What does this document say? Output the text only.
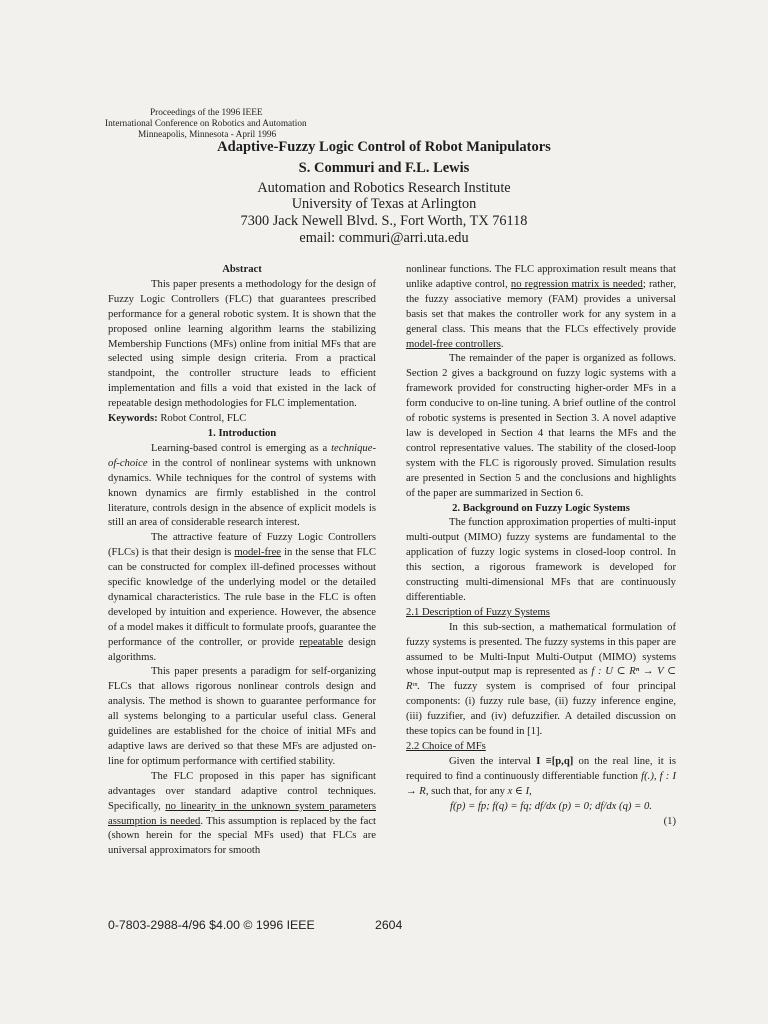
Proceedings of the 1996 IEEE
International Conference on Robotics and Automation
Minneapolis, Minnesota - April 1996
Adaptive-Fuzzy Logic Control of Robot Manipulators
S. Commuri and F.L. Lewis
Automation and Robotics Research Institute
University of Texas at Arlington
7300 Jack Newell Blvd. S., Fort Worth, TX 76118
email: commuri@arri.uta.edu

Abstract

This paper presents a methodology for the design of Fuzzy Logic Controllers (FLC) that guarantees prescribed performance for a general robotic system. It is shown that the proposed online learning algorithm learns the stabilizing Membership Functions (MFs) online from initial MFs that are selected using simple design criteria. From a practical standpoint, the controller structure leads to efficient implementation and fills a void that existed in the lack of repeatable design methodologies for FLC implementation.

Keywords: Robot Control, FLC

1. Introduction

Learning-based control is emerging as a technique-of-choice in the control of nonlinear systems with unknown dynamics. While techniques for the control of systems with known dynamics are firmly established in the control literature, controls design in the absence of explicit models is still an area of considerable research interest.

The attractive feature of Fuzzy Logic Controllers (FLCs) is that their design is model-free in the sense that FLC can be constructed for complex ill-defined processes without specific knowledge of the underlying model or the detailed dynamical characteristics. The rule base in the FLC is often developed by intuition and experience. However, the absence of a model makes it difficult to formulate proofs, guarantee the performance of the controller, or provide repeatable design algorithms.

This paper presents a paradigm for self-organizing FLCs that allows rigorous nonlinear controls design and analysis. The method is shown to guarantee performance for all systems belonging to a particular useful class. General guidelines are established for the choice of initial MFs and adaptive laws are derived so that these MFs are adjusted on-line for optimum performance with certified stability.

The FLC proposed in this paper has significant advantages over standard adaptive control techniques. Specifically, no linearity in the unknown system parameters assumption is needed. This assumption is replaced by the fact (shown herein for the special MFs used) that FLCs are universal approximators for smooth

nonlinear functions. The FLC approximation result means that unlike adaptive control, no regression matrix is needed; rather, the fuzzy associative memory (FAM) provides a universal basis set that makes the controller work for any system in a general class. This means that the FLCs effectively provide model-free controllers.

The remainder of the paper is organized as follows. Section 2 gives a background on fuzzy logic systems with a framework provided for constructing higher-order MFs in a form conducive to on-line tuning. A brief outline of the control of robotic systems is presented in Section 3. A novel adaptive law is developed in Section 4 that learns the MFs and the control representative values. The stability of the closed-loop system with the FLC is rigorously proved. Simulation results are presented in Section 5 and the conclusions and highlights of the paper are summarized in Section 6.

2. Background on Fuzzy Logic Systems

The function approximation properties of multi-input multi-output (MIMO) fuzzy systems are fundamental to the application of fuzzy logic systems in closed-loop control. In this section, a rigorous framework is developed for constructing multi-dimensional MFs that are continuously differentiable.

2.1 Description of Fuzzy Systems

In this sub-section, a mathematical formulation of fuzzy systems is presented. The fuzzy systems in this paper are assumed to be Multi-Input Multi-Output (MIMO) systems whose input-output map is represented as f : U ⊂ Rⁿ → V ⊂ Rᵐ. The fuzzy system is comprised of four principal components: (i) fuzzy rule base, (ii) fuzzy inference engine, (iii) fuzzifier, and (iv) defuzzifier. A detailed discussion on these topics can be found in [1].

2.2 Choice of MFs

Given the interval I ≡[p,q] on the real line, it is required to find a continuously differentiable function f(.), f : I → R, such that, for any x ∈ I,

f(p) = fp; f(q) = fq; df/dx (p) = 0; df/dx (q) = 0.

(1)

0-7803-2988-4/96 $4.00 © 1996 IEEE	2604
